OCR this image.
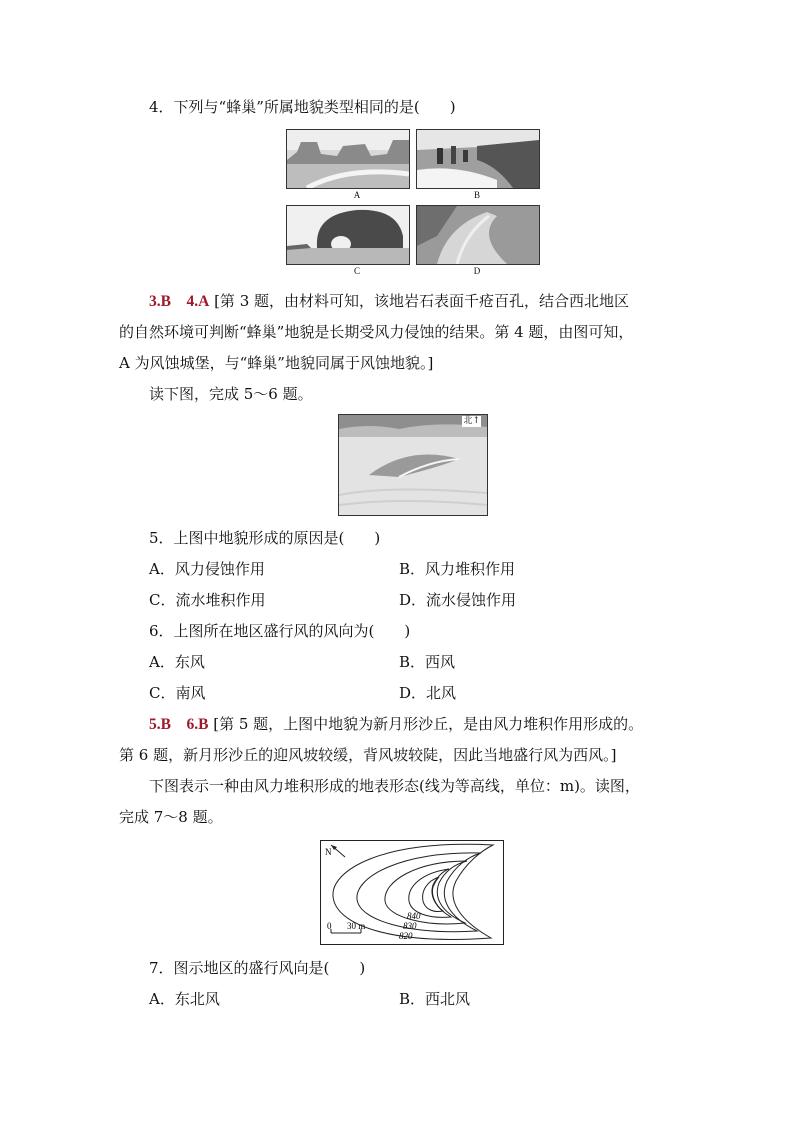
4．下列与“蜂巢”所属地貌类型相同的是(　　)
A	B
C	D
3.B　4.A [第 3 题，由材料可知，该地岩石表面千疮百孔，结合西北地区
的自然环境可判断“蜂巢”地貌是长期受风力侵蚀的结果。第 4 题，由图可知，
A 为风蚀城堡，与“蜂巢”地貌同属于风蚀地貌。]
读下图，完成 5～6 题。
北↑
5．上图中地貌形成的原因是(　　)
A．风力侵蚀作用	B．风力堆积作用
C．流水堆积作用	D．流水侵蚀作用
6．上图所在地区盛行风的风向为(　　)
A．东风	B．西风
C．南风	D．北风
5.B　6.B [第 5 题，上图中地貌为新月形沙丘，是由风力堆积作用形成的。
第 6 题，新月形沙丘的迎风坡较缓，背风坡较陡，因此当地盛行风为西风。]
下图表示一种由风力堆积形成的地表形态(线为等高线，单位：m)。读图，
完成 7～8 题。
N
0 30 m
840
830
820
7．图示地区的盛行风向是(　　)
A．东北风	B．西北风
